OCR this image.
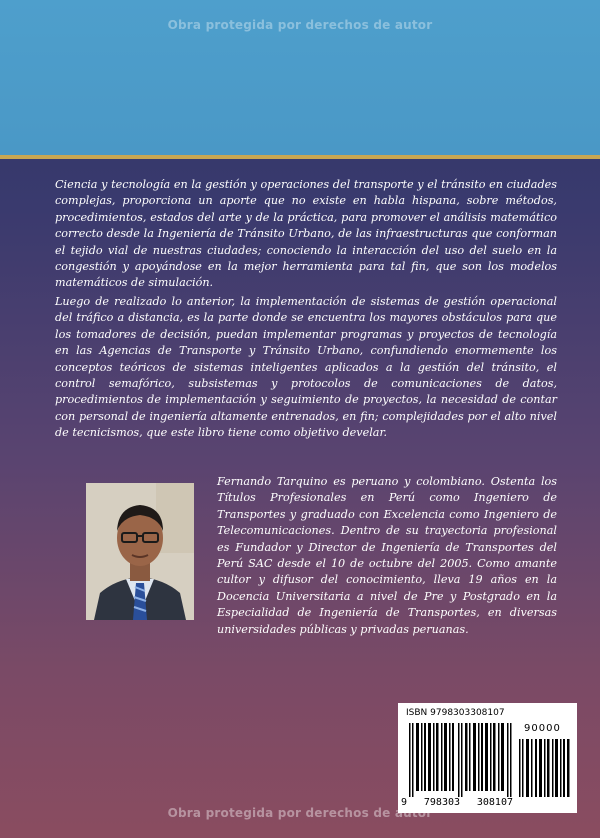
Obra protegida por derechos de autor

Ciencia y tecnología en la gestión y operaciones del transporte y el tránsito en ciudades complejas, proporciona un aporte que no existe en habla hispana, sobre métodos, procedimientos, estados del arte y de la práctica, para promover el análisis matemático correcto desde la Ingeniería de Tránsito Urbano, de las infraestructuras que conforman el tejido vial de nuestras ciudades; conociendo la interacción del uso del suelo en la congestión y apoyándose en la mejor herramienta para tal fin, que son los modelos matemáticos de simulación.

Luego de realizado lo anterior, la implementación de sistemas de gestión operacional del tráfico a distancia, es la parte donde se encuentra los mayores obstáculos para que los tomadores de decisión, puedan implementar programas y proyectos de tecnología en las Agencias de Transporte y Tránsito Urbano, confundiendo enormemente los conceptos teóricos de sistemas inteligentes aplicados a la gestión del tránsito, el control semafórico, subsistemas y protocolos de comunicaciones de datos, procedimientos de implementación y seguimiento de proyectos, la necesidad de contar con personal de ingeniería altamente entrenados, en fin; complejidades por el alto nivel de tecnicismos, que este libro tiene como objetivo develar.

Fernando Tarquino es peruano y colombiano. Ostenta los Títulos Profesionales en Perú como Ingeniero de Transportes y graduado con Excelencia como Ingeniero de Telecomunicaciones. Dentro de su trayectoria profesional es Fundador y Director de Ingeniería de Transportes del Perú SAC desde el 10 de octubre del 2005. Como amante cultor y difusor del conocimiento, lleva 19 años en la Docencia Universitaria a nivel de Pre y Postgrado en la Especialidad de Ingeniería de Transportes, en diversas universidades públicas y privadas peruanas.

ISBN 9798303308107
90000
9 798303 308107
Obra protegida por derechos de autor
